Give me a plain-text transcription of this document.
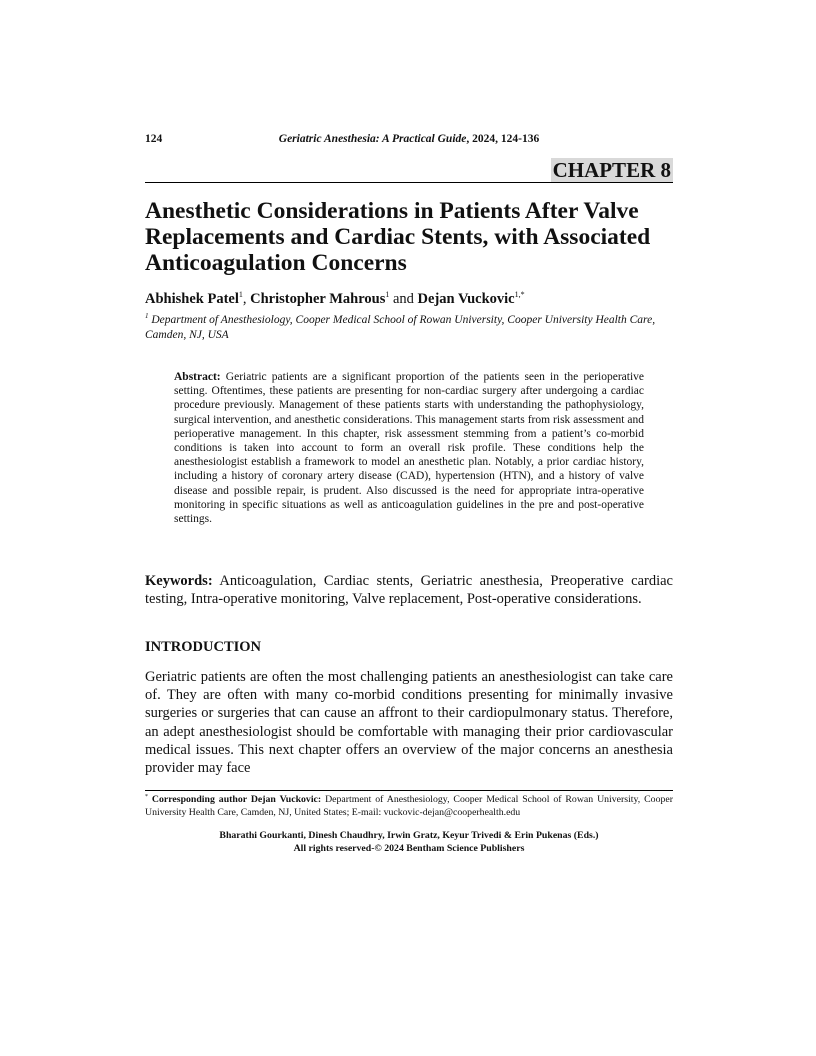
124	Geriatric Anesthesia: A Practical Guide, 2024, 124-136
CHAPTER 8
Anesthetic Considerations in Patients After Valve Replacements and Cardiac Stents, with Associated Anticoagulation Concerns
Abhishek Patel$^1$, Christopher Mahrous$^1$ and Dejan Vuckovic$^{1,*}$
$^1$ Department of Anesthesiology, Cooper Medical School of Rowan University, Cooper University Health Care, Camden, NJ, USA
Abstract: Geriatric patients are a significant proportion of the patients seen in the perioperative setting. Oftentimes, these patients are presenting for non-cardiac surgery after undergoing a cardiac procedure previously. Management of these patients starts with understanding the pathophysiology, surgical intervention, and anesthetic considerations. This management starts from risk assessment and perioperative management. In this chapter, risk assessment stemming from a patient’s co-morbid conditions is taken into account to form an overall risk profile. These conditions help the anesthesiologist establish a framework to model an anesthetic plan. Notably, a prior cardiac history, including a history of coronary artery disease (CAD), hypertension (HTN), and a history of valve disease and possible repair, is prudent. Also discussed is the need for appropriate intra-operative monitoring in specific situations as well as anticoagulation guidelines in the pre and post-operative settings.
Keywords: Anticoagulation, Cardiac stents, Geriatric anesthesia, Preoperative cardiac testing, Intra-operative monitoring, Valve replacement, Post-operative considerations.
INTRODUCTION
Geriatric patients are often the most challenging patients an anesthesiologist can take care of. They are often with many co-morbid conditions presenting for minimally invasive surgeries or surgeries that can cause an affront to their cardiopulmonary status. Therefore, an adept anesthesiologist should be comfortable with managing their prior cardiovascular medical issues. This next chapter offers an overview of the major concerns an anesthesia provider may face
* Corresponding author Dejan Vuckovic: Department of Anesthesiology, Cooper Medical School of Rowan University, Cooper University Health Care, Camden, NJ, United States; E-mail: vuckovic-dejan@cooperhealth.edu
Bharathi Gourkanti, Dinesh Chaudhry, Irwin Gratz, Keyur Trivedi & Erin Pukenas (Eds.)
All rights reserved-© 2024 Bentham Science Publishers
